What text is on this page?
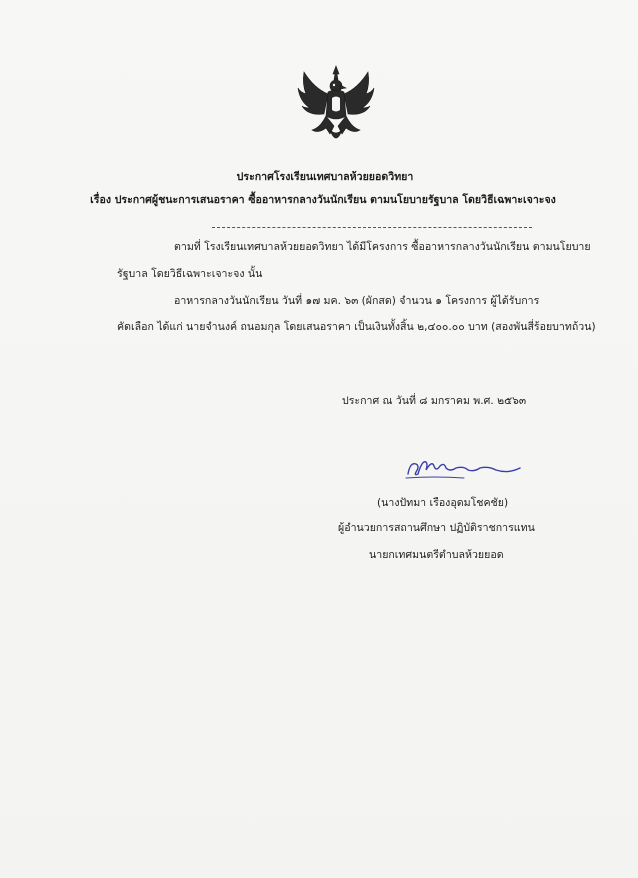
ประกาศโรงเรียนเทศบาลห้วยยอดวิทยา
เรื่อง ประกาศผู้ชนะการเสนอราคา ซื้ออาหารกลางวันนักเรียน ตามนโยบายรัฐบาล โดยวิธีเฉพาะเจาะจง
ตามที่ โรงเรียนเทศบาลห้วยยอดวิทยา ได้มีโครงการ ซื้ออาหารกลางวันนักเรียน ตามนโยบาย
รัฐบาล โดยวิธีเฉพาะเจาะจง นั้น
อาหารกลางวันนักเรียน วันที่ ๑๗ มค. ๖๓ (ผักสด) จำนวน ๑ โครงการ ผู้ได้รับการ
คัดเลือก ได้แก่ นายจำนงค์ ถนอมกุล โดยเสนอราคา เป็นเงินทั้งสิ้น ๒,๔๐๐.๐๐ บาท (สองพันสี่ร้อยบาทถ้วน)
ประกาศ ณ วันที่ ๘ มกราคม พ.ศ. ๒๕๖๓
(นางปัทมา เรืองอุดมโชคชัย)
ผู้อำนวยการสถานศึกษา ปฏิบัติราชการแทน
นายกเทศมนตรีตำบลห้วยยอด
